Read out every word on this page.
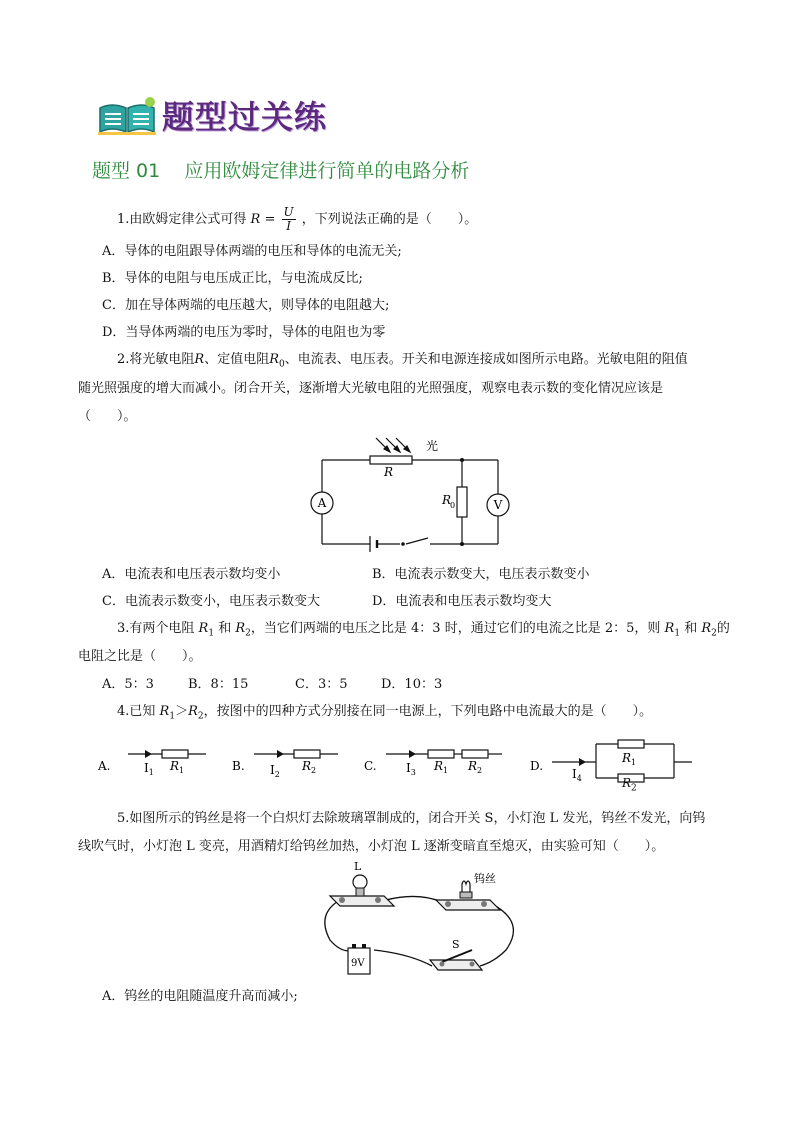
题型过关练
题型 01 应用欧姆定律进行简单的电路分析
1.由欧姆定律公式可得 $R = \frac{U}{I}$ ，下列说法正确的是（　　）。
A．导体的电阻跟导体两端的电压和导体的电流无关;
B．导体的电阻与电压成正比，与电流成反比;
C．加在导体两端的电压越大，则导体的电阻越大;
D．当导体两端的电压为零时，导体的电阻也为零
2.将光敏电阻R、定值电阻$R_0$、电流表、电压表。开关和电源连接成如图所示电路。光敏电阻的阻值
随光照强度的增大而减小。闭合开关，逐渐增大光敏电阻的光照强度，观察电表示数的变化情况应该是
（　　）。
A	V
光
R
R
0
A．电流表和电压表示数均变小	B．电流表示数变大，电压表示数变小
C．电流表示数变小，电压表示数变大	D．电流表和电压表示数均变大
3.有两个电阻 $R_1$ 和 $R_2$，当它们两端的电压之比是 4：3 时，通过它们的电流之比是 2：5，则 $R_1$ 和 $R_2$的
电阻之比是（　　）。
A．5：3	B．8：15	C．3：5	D．10：3
4.已知 $R_1>R_2$，按图中的四种方式分别接在同一电源上，下列电路中电流最大的是（　　）。
A.	$I_1$ $R_1$	B. $I_2$
$R_2$	C. $I_3$ $R_1$ $R_2$	D.
$I_4$
$R_1$
$R_2$
5.如图所示的钨丝是将一个白炽灯去除玻璃罩制成的，闭合开关 S，小灯泡 L 发光，钨丝不发光，向钨
线吹气时，小灯泡 L 变亮，用酒精灯给钨丝加热，小灯泡 L 逐渐变暗直至熄灭，由实验可知（　　）。
L
钨丝
9V
S
A．钨丝的电阻随温度升高而减小;
